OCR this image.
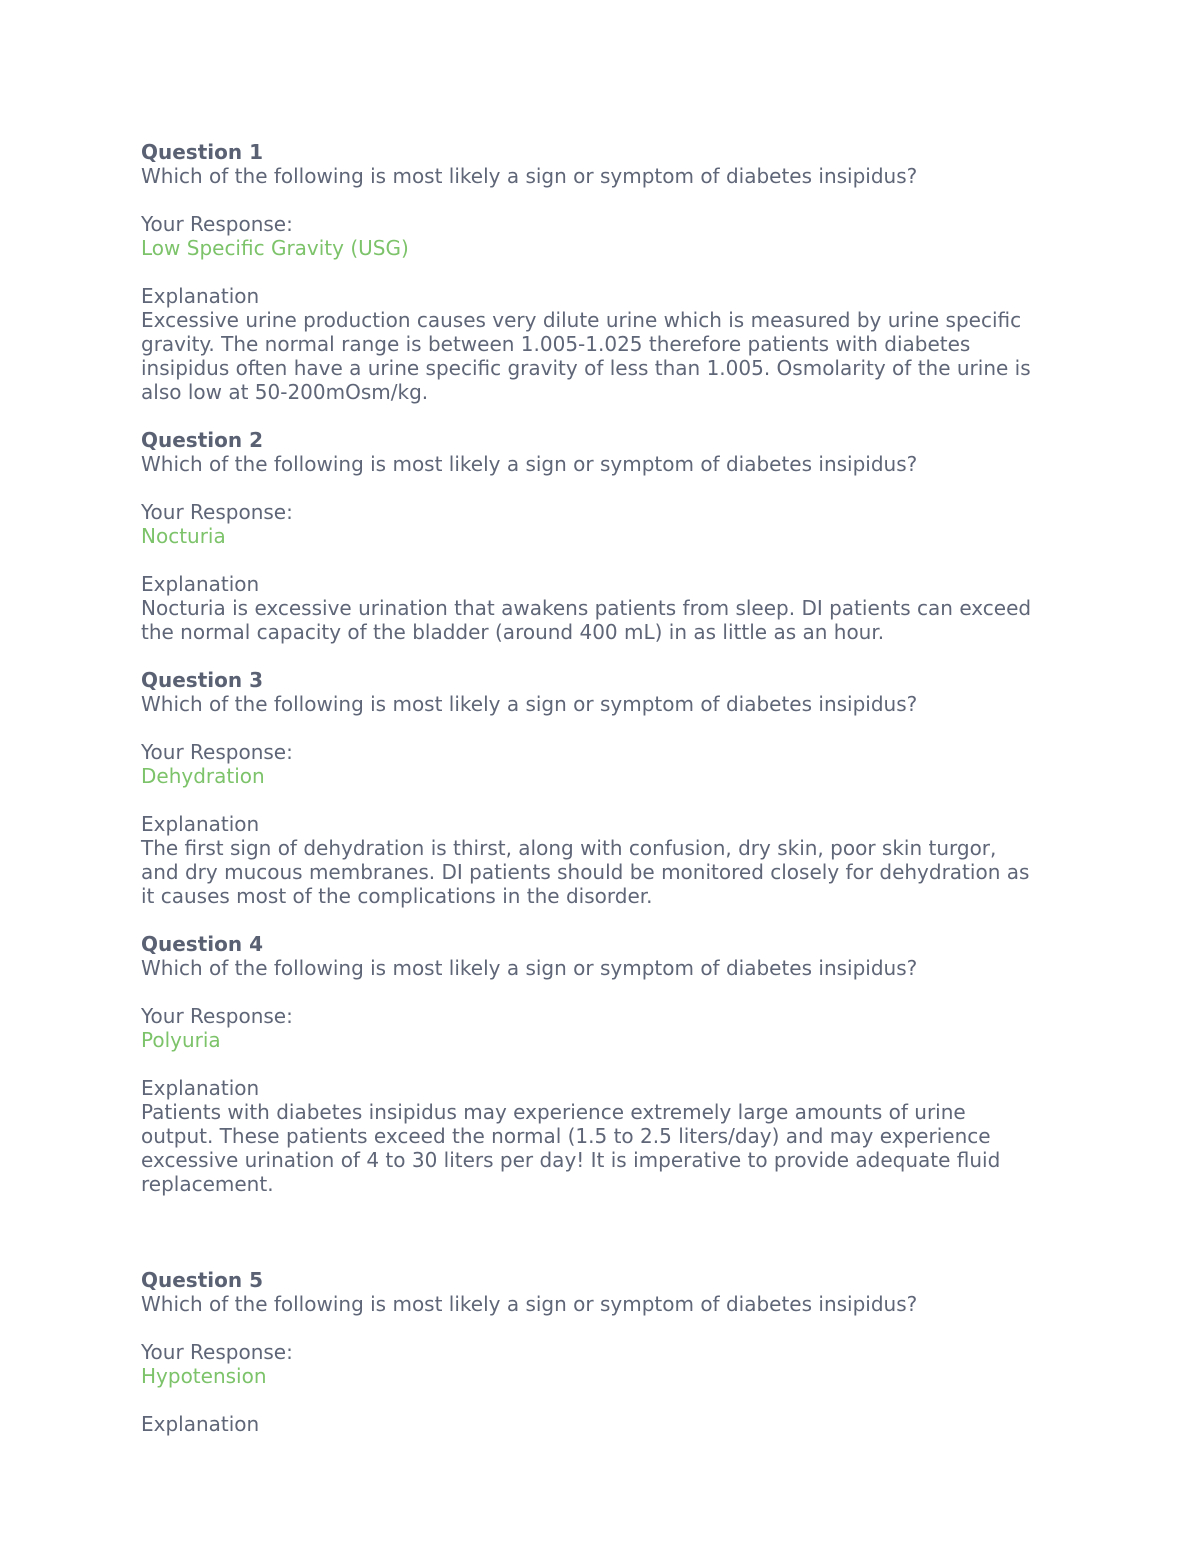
Question 1
Which of the following is most likely a sign or symptom of diabetes insipidus?
Your Response:
Low Specific Gravity (USG)
Explanation
Excessive urine production causes very dilute urine which is measured by urine specific
gravity. The normal range is between 1.005-1.025 therefore patients with diabetes
insipidus often have a urine specific gravity of less than 1.005. Osmolarity of the urine is
also low at 50-200mOsm/kg.
Question 2
Which of the following is most likely a sign or symptom of diabetes insipidus?
Your Response:
Nocturia
Explanation
Nocturia is excessive urination that awakens patients from sleep. DI patients can exceed
the normal capacity of the bladder (around 400 mL) in as little as an hour.
Question 3
Which of the following is most likely a sign or symptom of diabetes insipidus?
Your Response:
Dehydration
Explanation
The first sign of dehydration is thirst, along with confusion, dry skin, poor skin turgor,
and dry mucous membranes. DI patients should be monitored closely for dehydration as
it causes most of the complications in the disorder.
Question 4
Which of the following is most likely a sign or symptom of diabetes insipidus?
Your Response:
Polyuria
Explanation
Patients with diabetes insipidus may experience extremely large amounts of urine
output. These patients exceed the normal (1.5 to 2.5 liters/day) and may experience
excessive urination of 4 to 30 liters per day! It is imperative to provide adequate fluid
replacement.
Question 5
Which of the following is most likely a sign or symptom of diabetes insipidus?
Your Response:
Hypotension
Explanation
